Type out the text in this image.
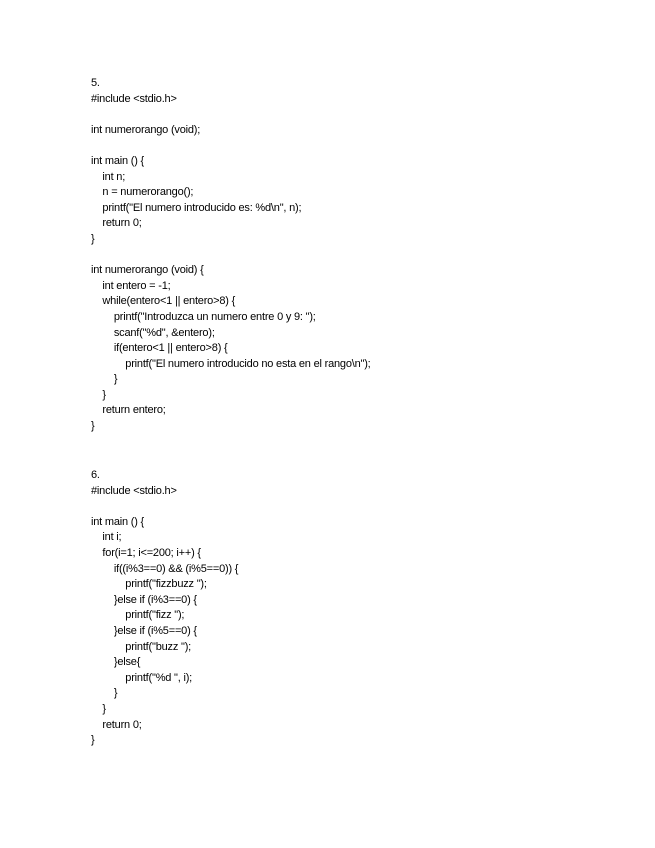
5.
#include <stdio.h>
int numerorango (void);
int main () {
int n;
n = numerorango();
printf("El numero introducido es: %d\n", n);
return 0;
}
int numerorango (void) {
int entero = -1;
while(entero<1 || entero>8) {
printf("Introduzca un numero entre 0 y 9: ");
scanf("%d", &entero);
if(entero<1 || entero>8) {
printf("El numero introducido no esta en el rango\n");
}
}
return entero;
}
6.
#include <stdio.h>
int main () {
int i;
for(i=1; i<=200; i++) {
if((i%3==0) && (i%5==0)) {
printf("fizzbuzz ");
}else if (i%3==0) {
printf("fizz ");
}else if (i%5==0) {
printf("buzz ");
}else{
printf("%d ", i);
}
}
return 0;
}
